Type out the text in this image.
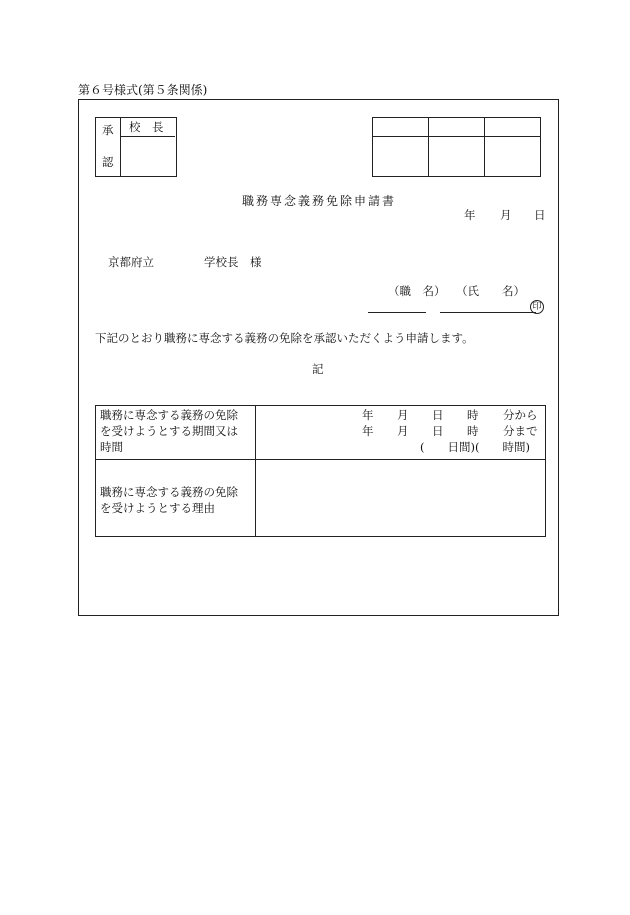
第６号様式(第５条関係)
承
認
校　長
職務専念義務免除申請書
年 月 日
京都府立	学校長　様
（職　名） （氏　　名）
印
下記のとおり職務に専念する義務の免除を承認いただくよう申請します。
記
職務に専念する義務の免除
を受けようとする期間又は
時間
年 月 日 時 分から
年 月 日 時 分まで
(　　日間)(　　時間)
職務に専念する義務の免除
を受けようとする理由
